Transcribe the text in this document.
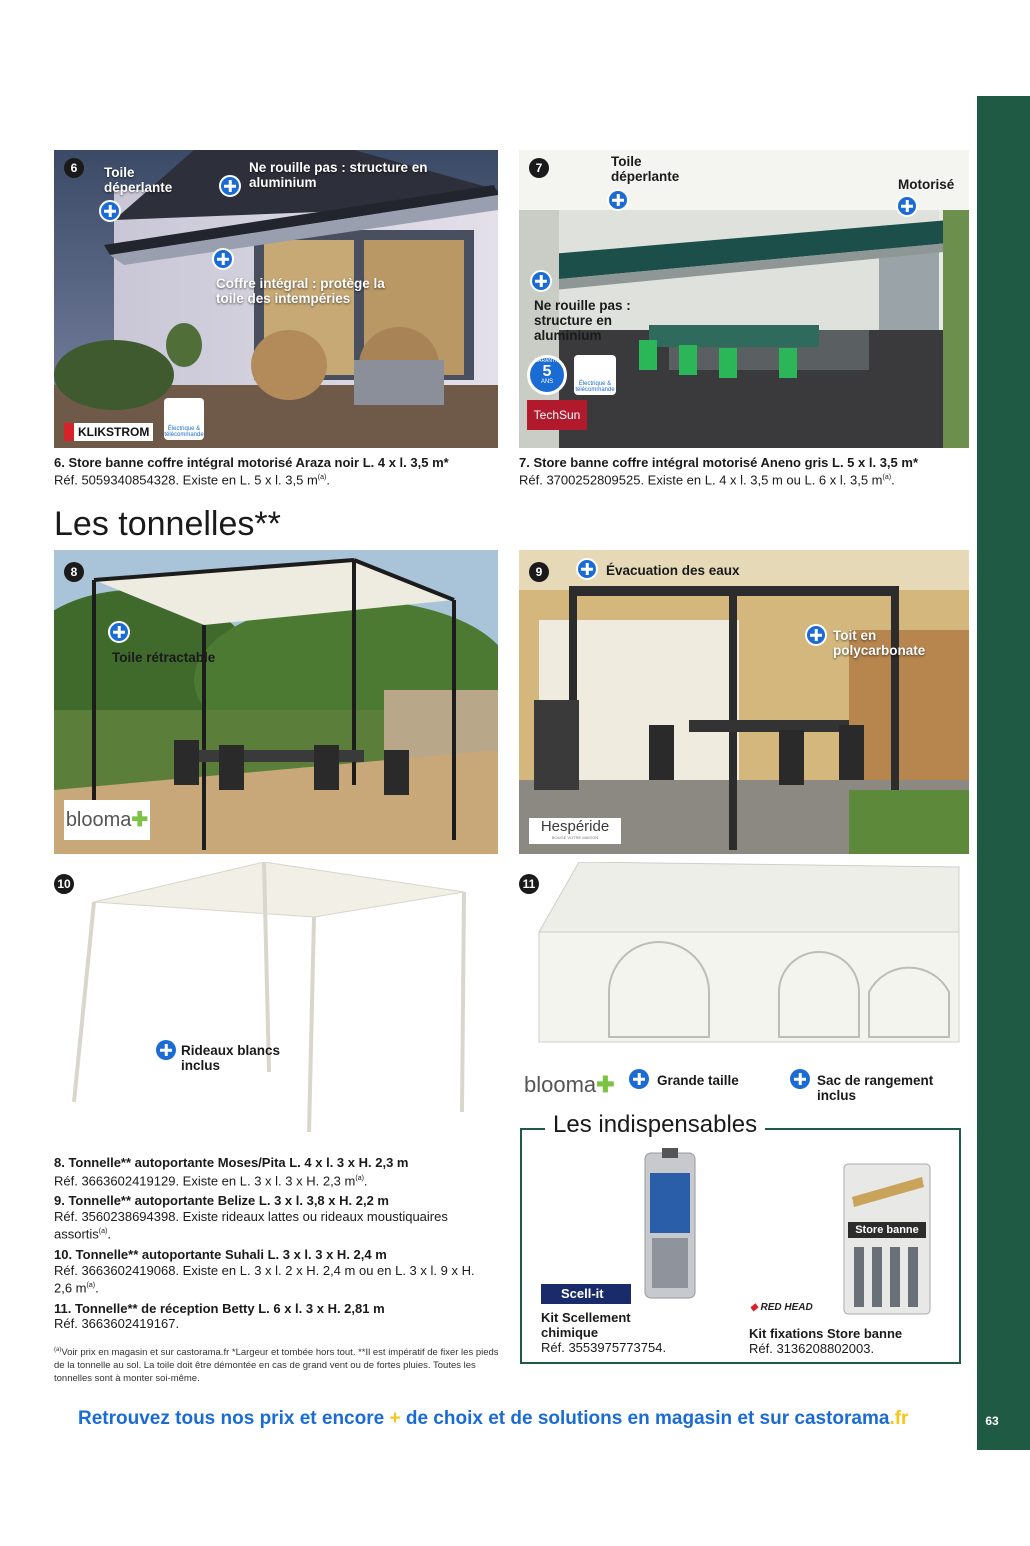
63
6	Toile déperlante
Ne rouille pas : structure en aluminium
Coffre intégral : protège la toile des intempéries
KLIKSTROM	Électrique & télécommande
6. Store banne coffre intégral motorisé Araza noir L. 4 x l. 3,5 m*
Réf. 5059340854328. Existe en L. 5 x l. 3,5 $m^{(a)}$.
7	Toile déperlante
Motorisé
Ne rouille pas : structure en aluminium
GARANTIE
5
ANS	Électrique & télécommande
TechSun
7. Store banne coffre intégral motorisé Aneno gris L. 5 x l. 3,5 m*
Réf. 3700252809525. Existe en L. 4 x l. 3,5 m ou L. 6 x l. 3,5 $m^{(a)}$.
Les tonnelles**
8
Toile rétractable
blooma✚
9	Évacuation des eaux
Toit en polycarbonate
Hespéride
BOUGE VOTRE MAISON
10
Rideaux blancs inclus
11
blooma✚	Grande taille	Sac de rangement inclus

8. Tonnelle** autoportante Moses/Pita L. 4 x l. 3 x H. 2,3 m
Réf. 3663602419129. Existe en L. 3 x l. 3 x H. 2,3 $m^{(a)}$.

9. Tonnelle** autoportante Belize L. 3 x l. 3,8 x H. 2,2 m
Réf. 3560238694398. Existe rideaux lattes ou rideaux moustiquaires assortis$^{(a)}$.

10. Tonnelle** autoportante Suhali L. 3 x l. 3 x H. 2,4 m
Réf. 3663602419068. Existe en L. 3 x l. 2 x H. 2,4 m ou en L. 3 x l. 9 x H. 2,6 $m^{(a)}$.

11. Tonnelle** de réception Betty L. 6 x l. 3 x H. 2,81 m
Réf. 3663602419167.

$^{(a)}$Voir prix en magasin et sur castorama.fr *Largeur et tombée hors tout. **Il est impératif de fixer les pieds de la tonnelle au sol. La toile doit être démontée en cas de grand vent ou de fortes pluies. Toutes les tonnelles sont à monter soi-même.
Les indispensables
Scell-it
Kit Scellement chimique
Réf. 3553975773754.
Store banne
◆ RED HEAD
Kit fixations Store banne
Réf. 3136208802003.
Retrouvez tous nos prix et encore + de choix et de solutions en magasin et sur castorama.fr
